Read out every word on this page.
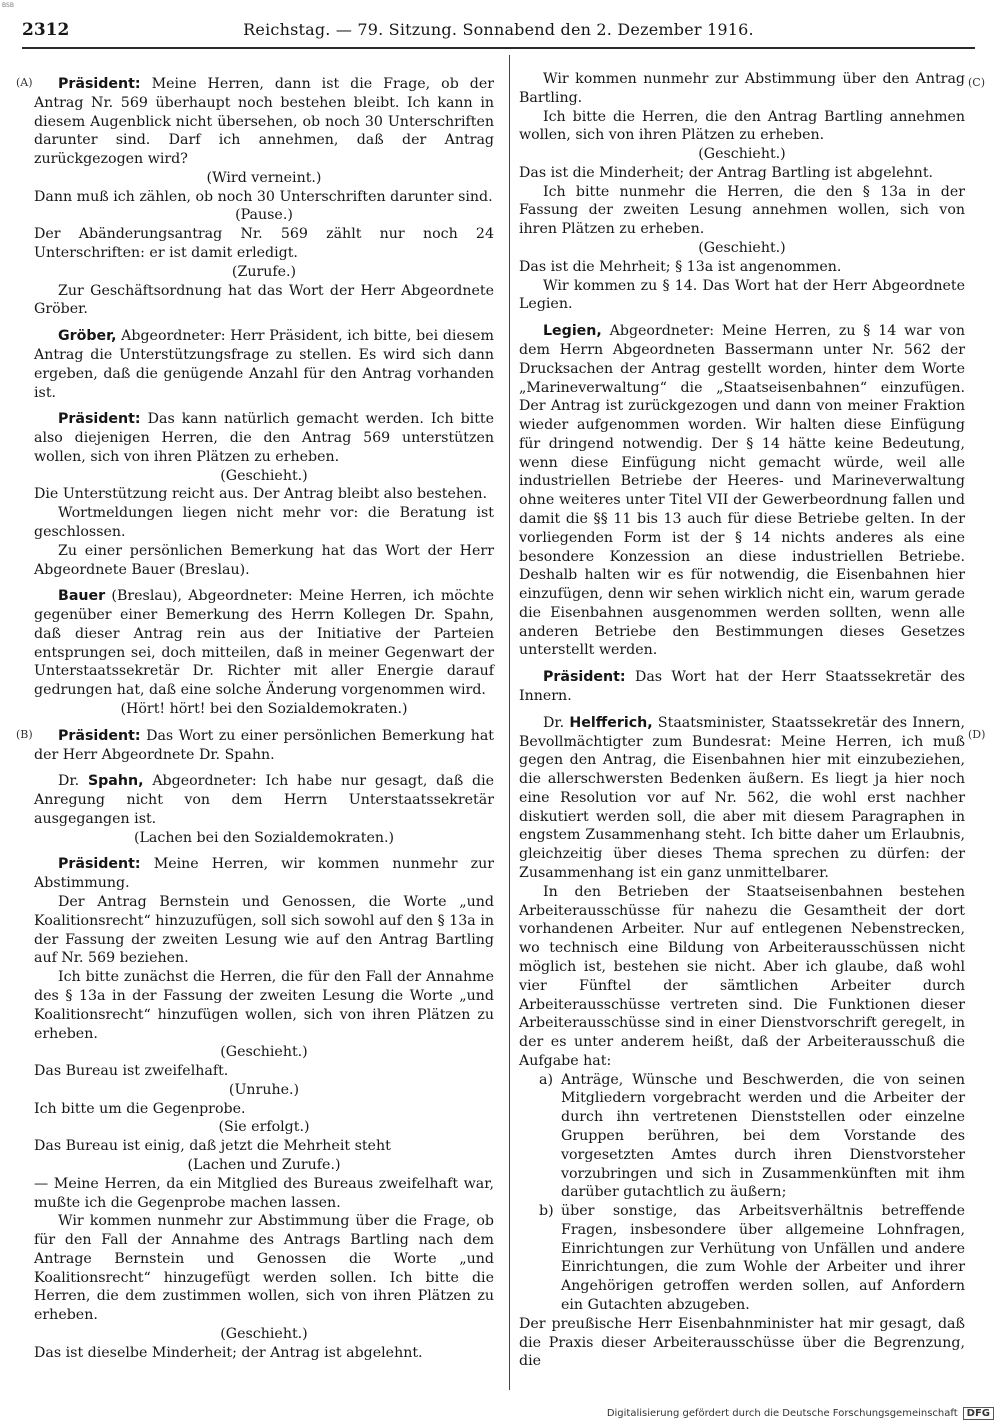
BSB
2312	Reichstag. — 79. Sitzung. Sonnabend den 2. Dezember 1916.
(A)
(B)
(C)
(D)

Präsident: Meine Herren, dann ist die Frage, ob der Antrag Nr. 569 überhaupt noch bestehen bleibt. Ich kann in diesem Augenblick nicht übersehen, ob noch 30 Unterschriften darunter sind. Darf ich annehmen, daß der Antrag zurückgezogen wird?

(Wird verneint.)

Dann muß ich zählen, ob noch 30 Unterschriften darunter sind.

(Pause.)

Der Abänderungsantrag Nr. 569 zählt nur noch 24 Unterschriften: er ist damit erledigt.

(Zurufe.)

Zur Geschäftsordnung hat das Wort der Herr Abgeordnete Gröber.

Gröber, Abgeordneter: Herr Präsident, ich bitte, bei diesem Antrag die Unterstützungsfrage zu stellen. Es wird sich dann ergeben, daß die genügende Anzahl für den Antrag vorhanden ist.

Präsident: Das kann natürlich gemacht werden. Ich bitte also diejenigen Herren, die den Antrag 569 unterstützen wollen, sich von ihren Plätzen zu erheben.

(Geschieht.)

Die Unterstützung reicht aus. Der Antrag bleibt also bestehen.

Wortmeldungen liegen nicht mehr vor: die Beratung ist geschlossen.

Zu einer persönlichen Bemerkung hat das Wort der Herr Abgeordnete Bauer (Breslau).

Bauer (Breslau), Abgeordneter: Meine Herren, ich möchte gegenüber einer Bemerkung des Herrn Kollegen Dr. Spahn, daß dieser Antrag rein aus der Initiative der Parteien entsprungen sei, doch mitteilen, daß in meiner Gegenwart der Unterstaatssekretär Dr. Richter mit aller Energie darauf gedrungen hat, daß eine solche Änderung vorgenommen wird.

(Hört! hört! bei den Sozialdemokraten.)

Präsident: Das Wort zu einer persönlichen Bemerkung hat der Herr Abgeordnete Dr. Spahn.

Dr. Spahn, Abgeordneter: Ich habe nur gesagt, daß die Anregung nicht von dem Herrn Unterstaatssekretär ausgegangen ist.

(Lachen bei den Sozialdemokraten.)

Präsident: Meine Herren, wir kommen nunmehr zur Abstimmung.

Der Antrag Bernstein und Genossen, die Worte „und Koalitionsrecht“ hinzuzufügen, soll sich sowohl auf den § 13a in der Fassung der zweiten Lesung wie auf den Antrag Bartling auf Nr. 569 beziehen.

Ich bitte zunächst die Herren, die für den Fall der Annahme des § 13a in der Fassung der zweiten Lesung die Worte „und Koalitionsrecht“ hinzufügen wollen, sich von ihren Plätzen zu erheben.

(Geschieht.)

Das Bureau ist zweifelhaft.

(Unruhe.)

Ich bitte um die Gegenprobe.

(Sie erfolgt.)

Das Bureau ist einig, daß jetzt die Mehrheit steht

(Lachen und Zurufe.)

— Meine Herren, da ein Mitglied des Bureaus zweifelhaft war, mußte ich die Gegenprobe machen lassen.

Wir kommen nunmehr zur Abstimmung über die Frage, ob für den Fall der Annahme des Antrags Bartling nach dem Antrage Bernstein und Genossen die Worte „und Koalitionsrecht“ hinzugefügt werden sollen. Ich bitte die Herren, die dem zustimmen wollen, sich von ihren Plätzen zu erheben.

(Geschieht.)

Das ist dieselbe Minderheit; der Antrag ist abgelehnt.

Wir kommen nunmehr zur Abstimmung über den Antrag Bartling.

Ich bitte die Herren, die den Antrag Bartling annehmen wollen, sich von ihren Plätzen zu erheben.

(Geschieht.)

Das ist die Minderheit; der Antrag Bartling ist abgelehnt.

Ich bitte nunmehr die Herren, die den § 13a in der Fassung der zweiten Lesung annehmen wollen, sich von ihren Plätzen zu erheben.

(Geschieht.)

Das ist die Mehrheit; § 13a ist angenommen.

Wir kommen zu § 14. Das Wort hat der Herr Abgeordnete Legien.

Legien, Abgeordneter: Meine Herren, zu § 14 war von dem Herrn Abgeordneten Bassermann unter Nr. 562 der Drucksachen der Antrag gestellt worden, hinter dem Worte „Marineverwaltung“ die „Staatseisenbahnen“ einzufügen. Der Antrag ist zurückgezogen und dann von meiner Fraktion wieder aufgenommen worden. Wir halten diese Einfügung für dringend notwendig. Der § 14 hätte keine Bedeutung, wenn diese Einfügung nicht gemacht würde, weil alle industriellen Betriebe der Heeres- und Marineverwaltung ohne weiteres unter Titel VII der Gewerbeordnung fallen und damit die §§ 11 bis 13 auch für diese Betriebe gelten. In der vorliegenden Form ist der § 14 nichts anderes als eine besondere Konzession an diese industriellen Betriebe. Deshalb halten wir es für notwendig, die Eisenbahnen hier einzufügen, denn wir sehen wirklich nicht ein, warum gerade die Eisenbahnen ausgenommen werden sollten, wenn alle anderen Betriebe den Bestimmungen dieses Gesetzes unterstellt werden.

Präsident: Das Wort hat der Herr Staatssekretär des Innern.

Dr. Helfferich, Staatsminister, Staatssekretär des Innern, Bevollmächtigter zum Bundesrat: Meine Herren, ich muß gegen den Antrag, die Eisenbahnen hier mit einzubeziehen, die allerschwersten Bedenken äußern. Es liegt ja hier noch eine Resolution vor auf Nr. 562, die wohl erst nachher diskutiert werden soll, die aber mit diesem Paragraphen in engstem Zusammenhang steht. Ich bitte daher um Erlaubnis, gleichzeitig über dieses Thema sprechen zu dürfen: der Zusammenhang ist ein ganz unmittelbarer.

In den Betrieben der Staatseisenbahnen bestehen Arbeiterausschüsse für nahezu die Gesamtheit der dort vorhandenen Arbeiter. Nur auf entlegenen Nebenstrecken, wo technisch eine Bildung von Arbeiterausschüssen nicht möglich ist, bestehen sie nicht. Aber ich glaube, daß wohl vier Fünftel der sämtlichen Arbeiter durch Arbeiterausschüsse vertreten sind. Die Funktionen dieser Arbeiterausschüsse sind in einer Dienstvorschrift geregelt, in der es unter anderem heißt, daß der Arbeiterausschuß die Aufgabe hat:

a) Anträge, Wünsche und Beschwerden, die von seinen Mitgliedern vorgebracht werden und die Arbeiter der durch ihn vertretenen Dienststellen oder einzelne Gruppen berühren, bei dem Vorstande des vorgesetzten Amtes durch ihren Dienstvorsteher vorzubringen und sich in Zusammenkünften mit ihm darüber gutachtlich zu äußern;
b) über sonstige, das Arbeitsverhältnis betreffende Fragen, insbesondere über allgemeine Lohnfragen, Einrichtungen zur Verhütung von Unfällen und andere Einrichtungen, die zum Wohle der Arbeiter und ihrer Angehörigen getroffen werden sollen, auf Anfordern ein Gutachten abzugeben.

Der preußische Herr Eisenbahnminister hat mir gesagt, daß die Praxis dieser Arbeiterausschüsse über die Begrenzung, die

Digitalisierung gefördert durch die Deutsche Forschungsgemeinschaft DFG
